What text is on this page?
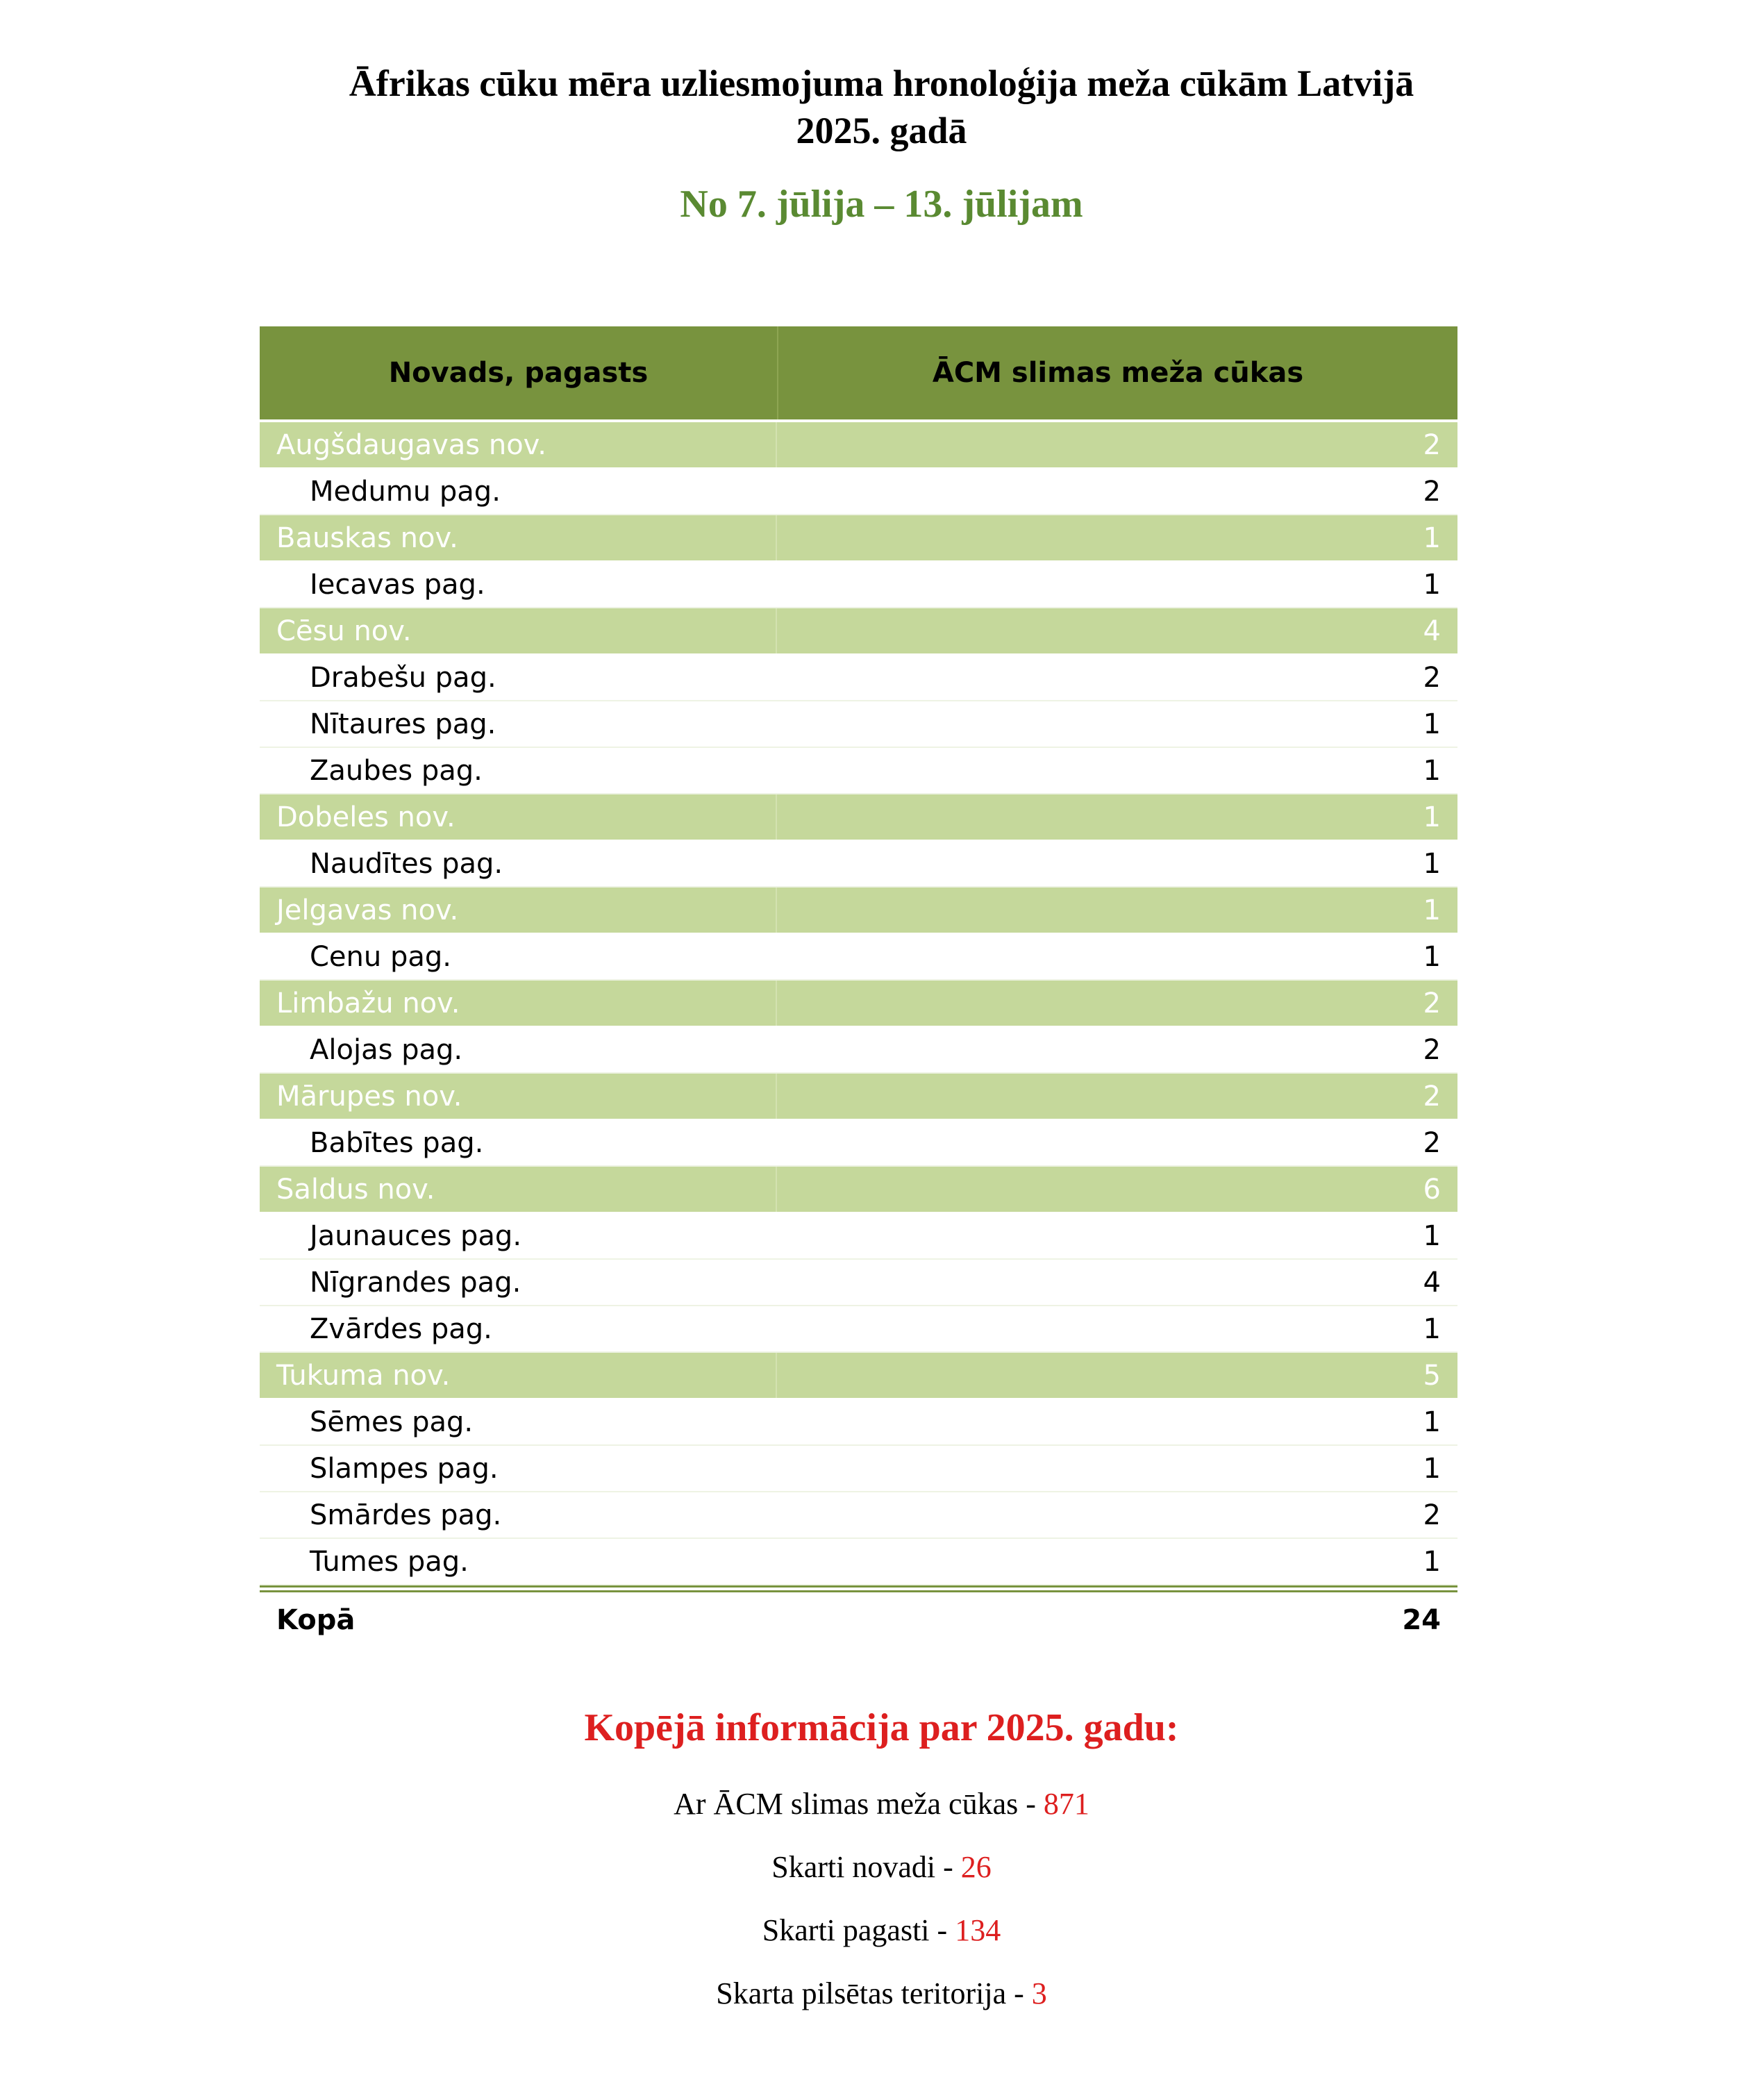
Āfrikas cūku mēra uzliesmojuma hronoloģija meža cūkām Latvijā
2025. gadā
No 7. jūlija – 13. jūlijam
Novads, pagasts	ĀCM slimas meža cūkas
Augšdaugavas nov.	2
Medumu pag.	2
Bauskas nov.	1
Iecavas pag.	1
Cēsu nov.	4
Drabešu pag.	2
Nītaures pag.	1
Zaubes pag.	1
Dobeles nov.	1
Naudītes pag.	1
Jelgavas nov.	1
Cenu pag.	1
Limbažu nov.	2
Alojas pag.	2
Mārupes nov.	2
Babītes pag.	2
Saldus nov.	6
Jaunauces pag.	1
Nīgrandes pag.	4
Zvārdes pag.	1
Tukuma nov.	5
Sēmes pag.	1
Slampes pag.	1
Smārdes pag.	2
Tumes pag.	1
Kopā	24
Kopējā informācija par 2025. gadu:
Ar ĀCM slimas meža cūkas - 871
Skarti novadi - 26
Skarti pagasti - 134
Skarta pilsētas teritorija - 3
